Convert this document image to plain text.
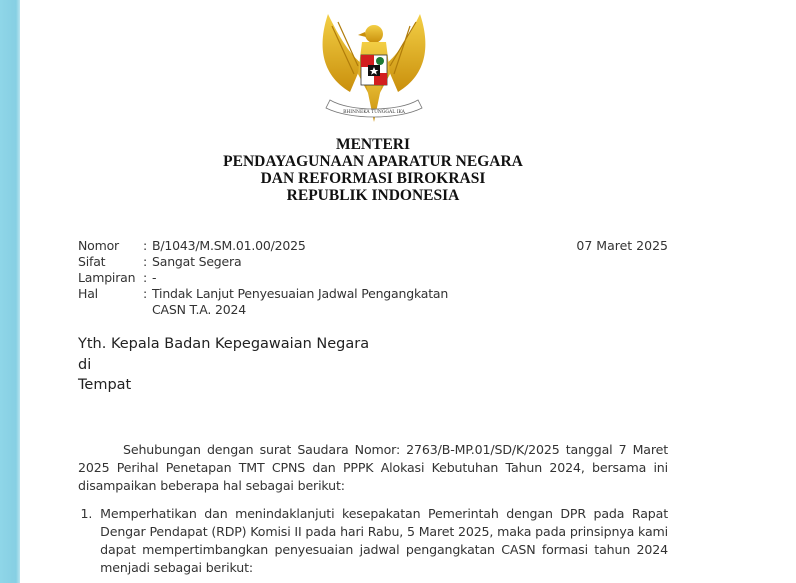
BHINNEKA TUNGGAL IKA
MENTERI
PENDAYAGUNAAN APARATUR NEGARA
DAN REFORMASI BIROKRASI
REPUBLIK INDONESIA
Nomor	: B/1043/M.SM.01.00/2025
Sifat	: Sangat Segera
Lampiran : -
Hal	: Tindak Lanjut Penyesuaian Jadwal Pengangkatan
CASN T.A. 2024
07 Maret 2025
Yth. Kepala Badan Kepegawaian Negara
di
Tempat
Sehubungan dengan surat Saudara Nomor: 2763/B-MP.01/SD/K/2025 tanggal 7 Maret
2025 Perihal Penetapan TMT CPNS dan PPPK Alokasi Kebutuhan Tahun 2024, bersama ini
disampaikan beberapa hal sebagai berikut:
1. Memperhatikan dan menindaklanjuti kesepakatan Pemerintah dengan DPR pada Rapat
Dengar Pendapat (RDP) Komisi II pada hari Rabu, 5 Maret 2025, maka pada prinsipnya kami
dapat mempertimbangkan penyesuaian jadwal pengangkatan CASN formasi tahun 2024
menjadi sebagai berikut:
